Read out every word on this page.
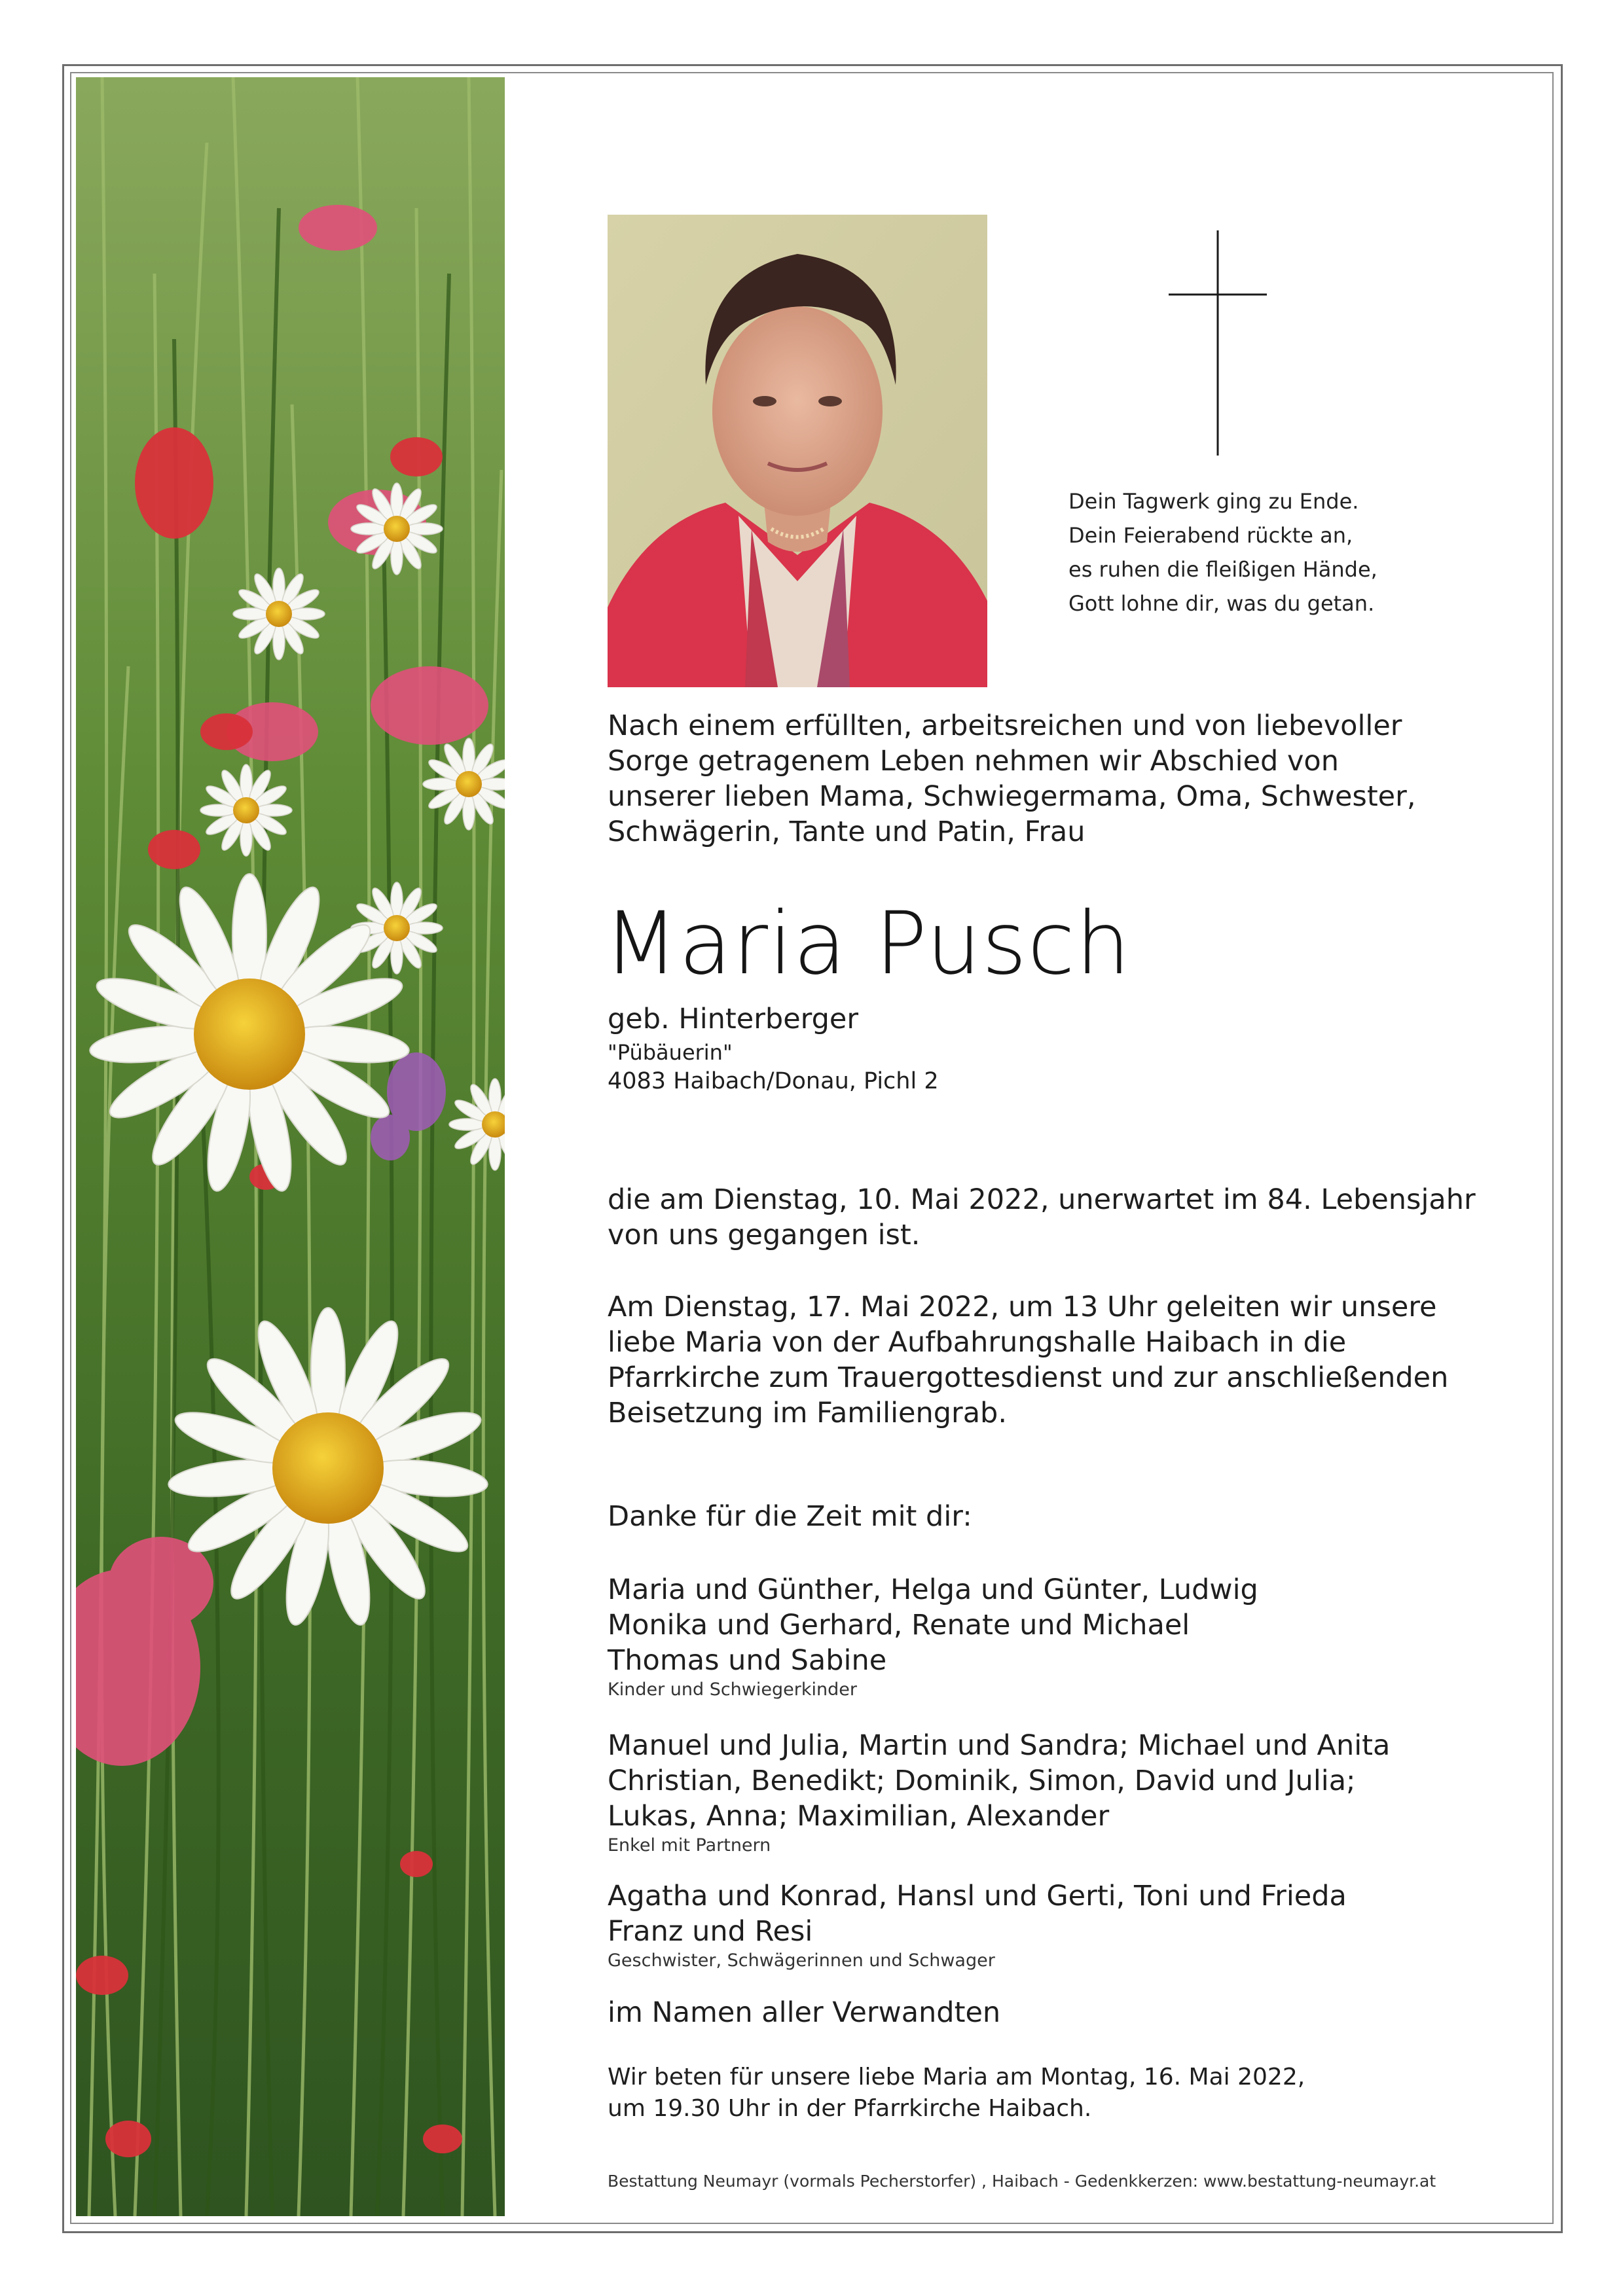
Dein Tagwerk ging zu Ende.
Dein Feierabend rückte an,
es ruhen die fleißigen Hände,
Gott lohne dir, was du getan.
Nach einem erfüllten, arbeitsreichen und von liebevoller
Sorge getragenem Leben nehmen wir Abschied von
unserer lieben Mama, Schwiegermama, Oma, Schwester,
Schwägerin, Tante und Patin, Frau
Maria Pusch
geb. Hinterberger
"Pübäuerin"
4083 Haibach/Donau, Pichl 2
die am Dienstag, 10. Mai 2022, unerwartet im 84. Lebensjahr
von uns gegangen ist.
Am Dienstag, 17. Mai 2022, um 13 Uhr geleiten wir unsere
liebe Maria von der Aufbahrungshalle Haibach in die
Pfarrkirche zum Trauergottesdienst und zur anschließenden
Beisetzung im Familiengrab.
Danke für die Zeit mit dir:
Maria und Günther, Helga und Günter, Ludwig
Monika und Gerhard, Renate und Michael
Thomas und Sabine
Kinder und Schwiegerkinder
Manuel und Julia, Martin und Sandra; Michael und Anita
Christian, Benedikt; Dominik, Simon, David und Julia;
Lukas, Anna; Maximilian, Alexander
Enkel mit Partnern
Agatha und Konrad, Hansl und Gerti, Toni und Frieda
Franz und Resi
Geschwister, Schwägerinnen und Schwager
im Namen aller Verwandten
Wir beten für unsere liebe Maria am Montag, 16. Mai 2022,
um 19.30 Uhr in der Pfarrkirche Haibach.
Bestattung Neumayr (vormals Pecherstorfer) , Haibach - Gedenkkerzen: www.bestattung-neumayr.at
